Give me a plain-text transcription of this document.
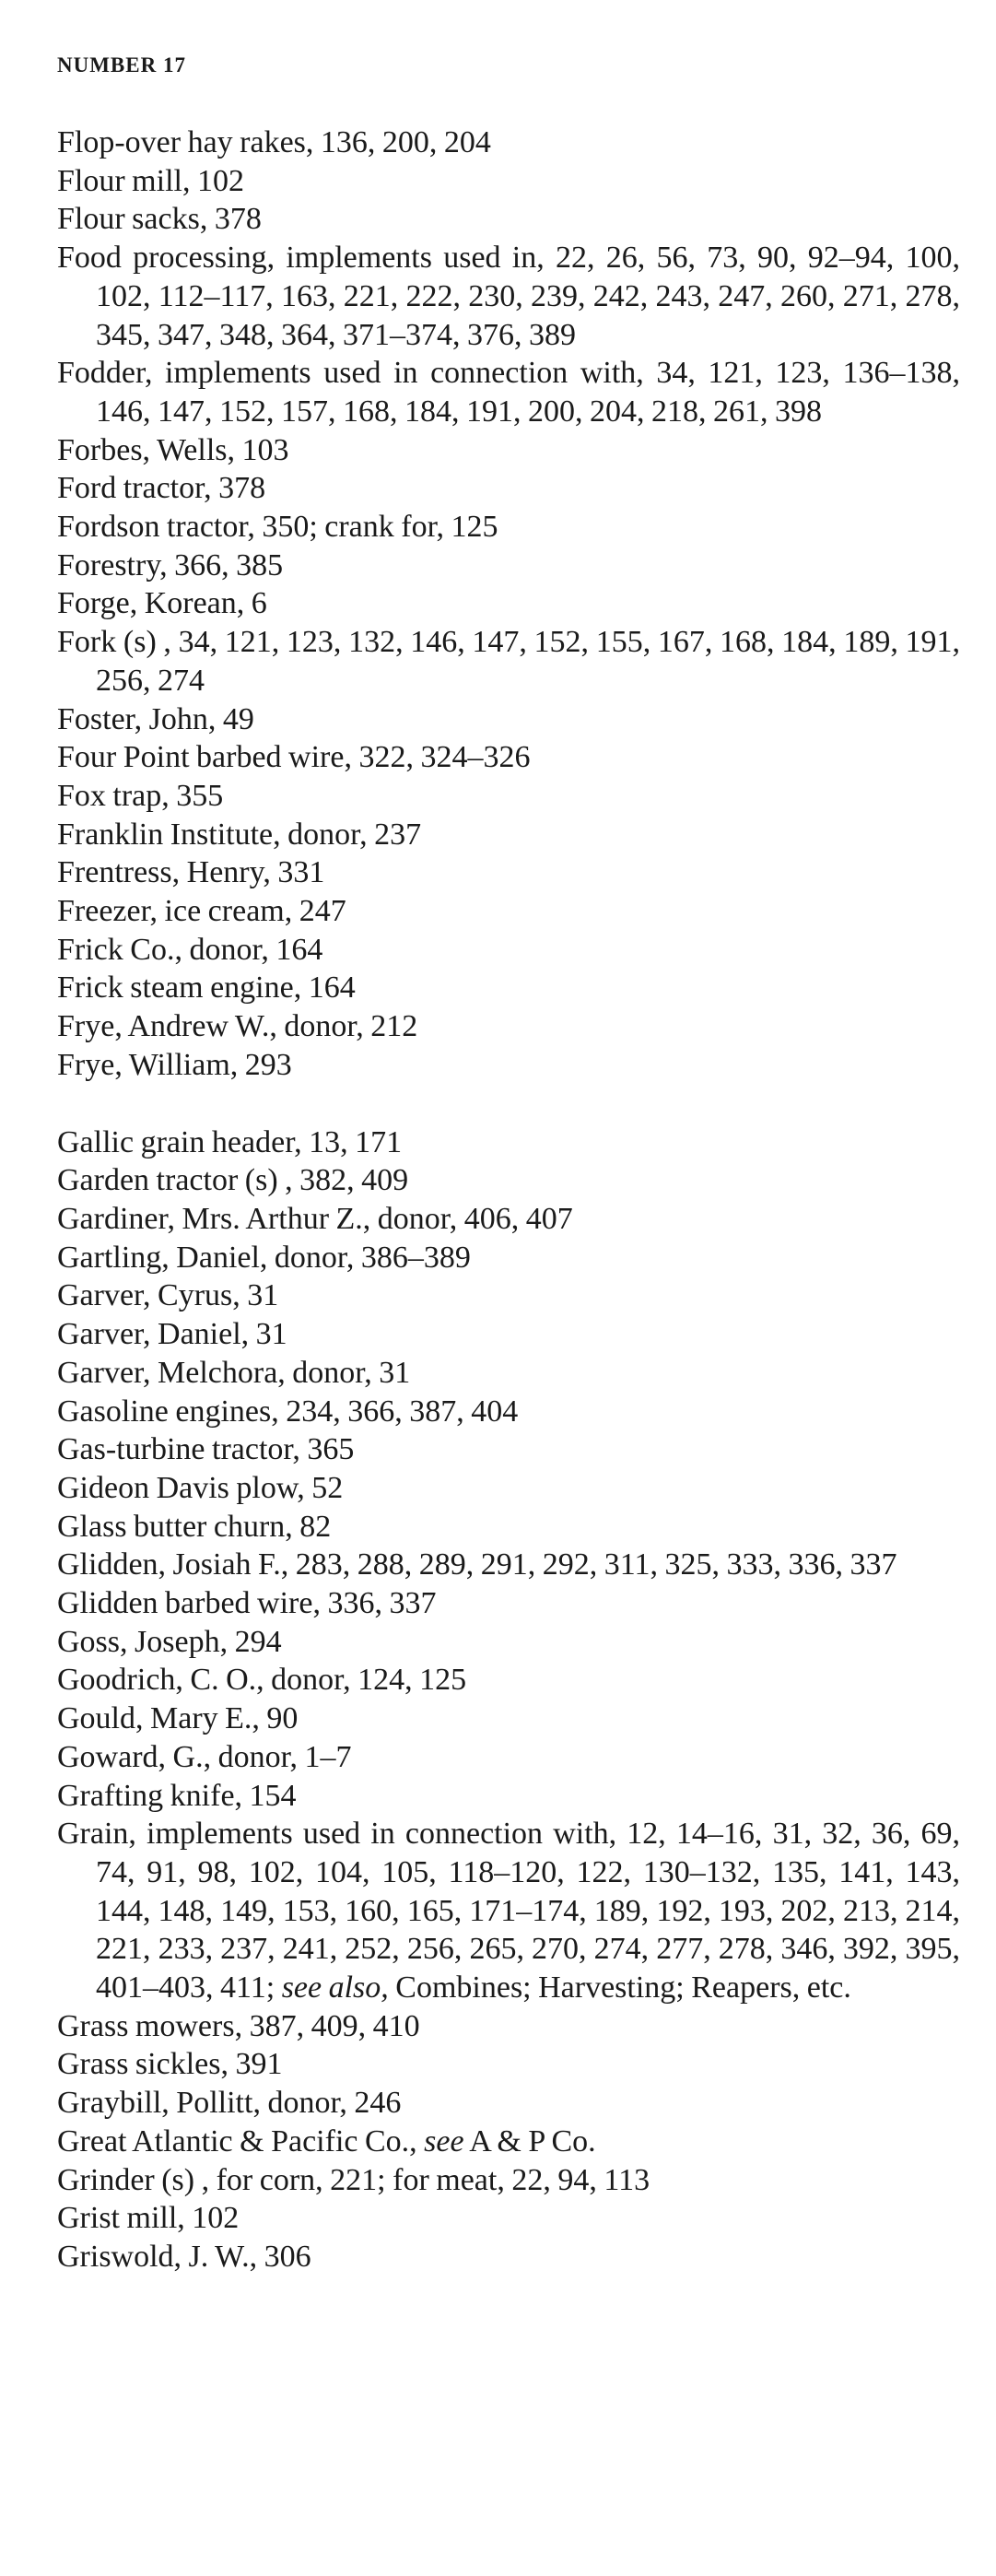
NUMBER 17
Flop-over hay rakes, 136, 200, 204
Flour mill, 102
Flour sacks, 378
Food processing, implements used in, 22, 26, 56, 73, 90, 92–94, 100, 102, 112–117, 163, 221, 222, 230, 239, 242, 243, 247, 260, 271, 278, 345, 347, 348, 364, 371–374, 376, 389
Fodder, implements used in connection with, 34, 121, 123, 136–138, 146, 147, 152, 157, 168, 184, 191, 200, 204, 218, 261, 398
Forbes, Wells, 103
Ford tractor, 378
Fordson tractor, 350; crank for, 125
Forestry, 366, 385
Forge, Korean, 6
Fork (s) , 34, 121, 123, 132, 146, 147, 152, 155, 167, 168, 184, 189, 191, 256, 274
Foster, John, 49
Four Point barbed wire, 322, 324–326
Fox trap, 355
Franklin Institute, donor, 237
Frentress, Henry, 331
Freezer, ice cream, 247
Frick Co., donor, 164
Frick steam engine, 164
Frye, Andrew W., donor, 212
Frye, William, 293
Gallic grain header, 13, 171
Garden tractor (s) , 382, 409
Gardiner, Mrs. Arthur Z., donor, 406, 407
Gartling, Daniel, donor, 386–389
Garver, Cyrus, 31
Garver, Daniel, 31
Garver, Melchora, donor, 31
Gasoline engines, 234, 366, 387, 404
Gas-turbine tractor, 365
Gideon Davis plow, 52
Glass butter churn, 82
Glidden, Josiah F., 283, 288, 289, 291, 292, 311, 325, 333, 336, 337
Glidden barbed wire, 336, 337
Goss, Joseph, 294
Goodrich, C. O., donor, 124, 125
Gould, Mary E., 90
Goward, G., donor, 1–7
Grafting knife, 154
Grain, implements used in connection with, 12, 14–16, 31, 32, 36, 69, 74, 91, 98, 102, 104, 105, 118–120, 122, 130–132, 135, 141, 143, 144, 148, 149, 153, 160, 165, 171–174, 189, 192, 193, 202, 213, 214, 221, 233, 237, 241, 252, 256, 265, 270, 274, 277, 278, 346, 392, 395, 401–403, 411; see also, Combines; Harvesting; Reapers, etc.
Grass mowers, 387, 409, 410
Grass sickles, 391
Graybill, Pollitt, donor, 246
Great Atlantic & Pacific Co., see A & P Co.
Grinder (s) , for corn, 221; for meat, 22, 94, 113
Grist mill, 102
Griswold, J. W., 306
